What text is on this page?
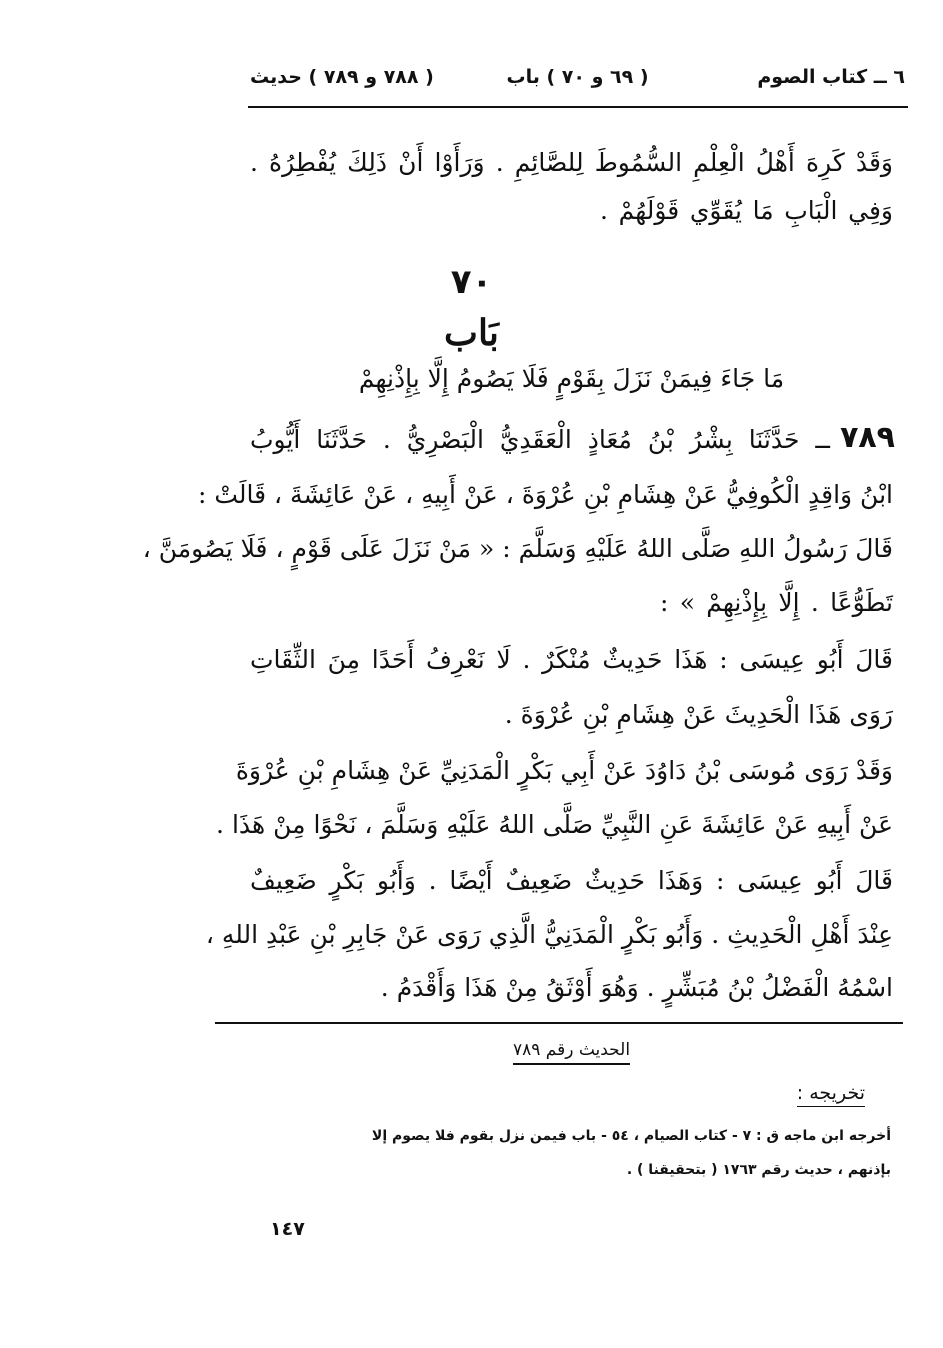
٦ ــ كتاب الصوم
( ٦٩ و ٧٠ ) باب
( ٧٨٨ و ٧٨٩ ) حديث
وَقَدْ كَرِهَ أَهْلُ الْعِلْمِ السُّمُوطَ لِلصَّائِمِ . وَرَأَوْا أَنْ ذَلِكَ يُفْطِرُهُ .
وَفِي الْبَابِ مَا يُقَوِّي قَوْلَهُمْ .
٧٠
بَاب
مَا جَاءَ فِيمَنْ نَزَلَ بِقَوْمٍ فَلَا يَصُومُ إِلَّا بِإِذْنِهِمْ
٧٨٩
ــ حَدَّثَنَا بِشْرُ بْنُ مُعَاذٍ الْعَقَدِيُّ الْبَصْرِيُّ . حَدَّثَنَا أَيُّوبُ
ابْنُ وَاقِدٍ الْكُوفِيُّ عَنْ هِشَامِ بْنِ عُرْوَةَ ، عَنْ أَبِيهِ ، عَنْ عَائِشَةَ ، قَالَتْ :
قَالَ رَسُولُ اللهِ صَلَّى اللهُ عَلَيْهِ وَسَلَّمَ : « مَنْ نَزَلَ عَلَى قَوْمٍ ، فَلَا يَصُومَنَّ ،
تَطَوُّعًا . إِلَّا بِإِذْنِهِمْ » :
قَالَ أَبُو عِيسَى : هَذَا حَدِيثٌ مُنْكَرٌ . لَا نَعْرِفُ أَحَدًا مِنَ الثِّقَاتِ
رَوَى هَذَا الْحَدِيثَ عَنْ هِشَامِ بْنِ عُرْوَةَ .
وَقَدْ رَوَى مُوسَى بْنُ دَاوُدَ عَنْ أَبِي بَكْرٍ الْمَدَنِيِّ عَنْ هِشَامِ بْنِ عُرْوَةَ
عَنْ أَبِيهِ عَنْ عَائِشَةَ عَنِ النَّبِيِّ صَلَّى اللهُ عَلَيْهِ وَسَلَّمَ ، نَحْوًا مِنْ هَذَا .
قَالَ أَبُو عِيسَى : وَهَذَا حَدِيثٌ ضَعِيفٌ أَيْضًا . وَأَبُو بَكْرٍ ضَعِيفٌ
عِنْدَ أَهْلِ الْحَدِيثِ . وَأَبُو بَكْرٍ الْمَدَنِيُّ الَّذِي رَوَى عَنْ جَابِرِ بْنِ عَبْدِ اللهِ ،
اسْمُهُ الْفَضْلُ بْنُ مُبَشِّرٍ . وَهُوَ أَوْثَقُ مِنْ هَذَا وَأَقْدَمُ .
الحديث رقم ٧٨٩
تخريجه :
أخرجه ابن ماجه ق : ٧ - كتاب الصيام ، ٥٤ - باب فيمن نزل بقوم فلا يصوم إلا
بإذنهم ، حديث رقم ١٧٦٣ ( بتحقيقنا ) .
١٤٧
